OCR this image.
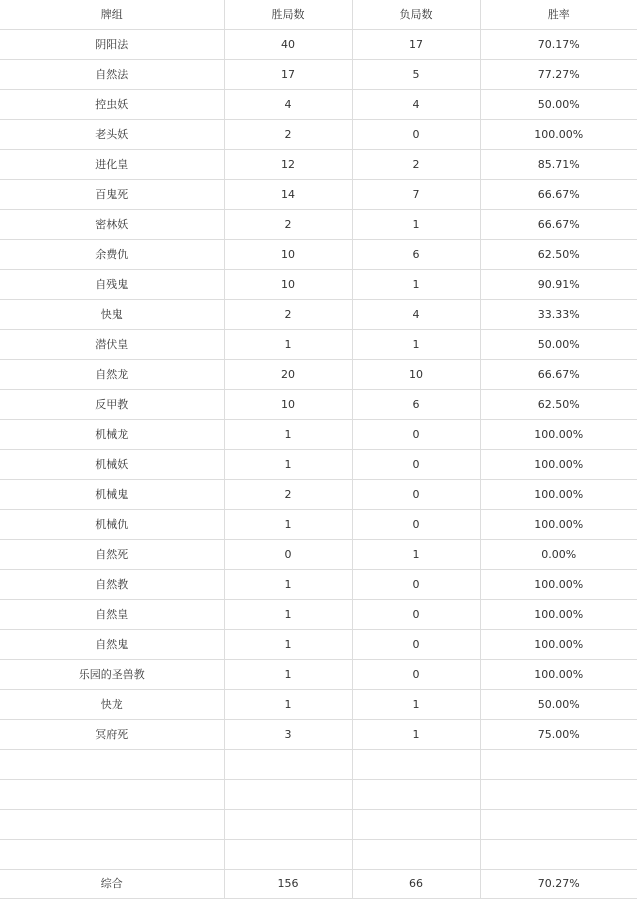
牌组	胜局数	负局数	胜率
阴阳法	40	17	70.17%
自然法	17	5	77.27%
控虫妖	4	4	50.00%
老头妖	2	0	100.00%
进化皇	12	2	85.71%
百鬼死	14	7	66.67%
密林妖	2	1	66.67%
余费仇	10	6	62.50%
自残鬼	10	1	90.91%
快鬼	2	4	33.33%
潜伏皇	1	1	50.00%
自然龙	20	10	66.67%
反甲教	10	6	62.50%
机械龙	1	0	100.00%
机械妖	1	0	100.00%
机械鬼	2	0	100.00%
机械仇	1	0	100.00%
自然死	0	1	0.00%
自然教	1	0	100.00%
自然皇	1	0	100.00%
自然鬼	1	0	100.00%
乐园的圣兽教	1	0	100.00%
快龙	1	1	50.00%
冥府死	3	1	75.00%

综合	156	66	70.27%
